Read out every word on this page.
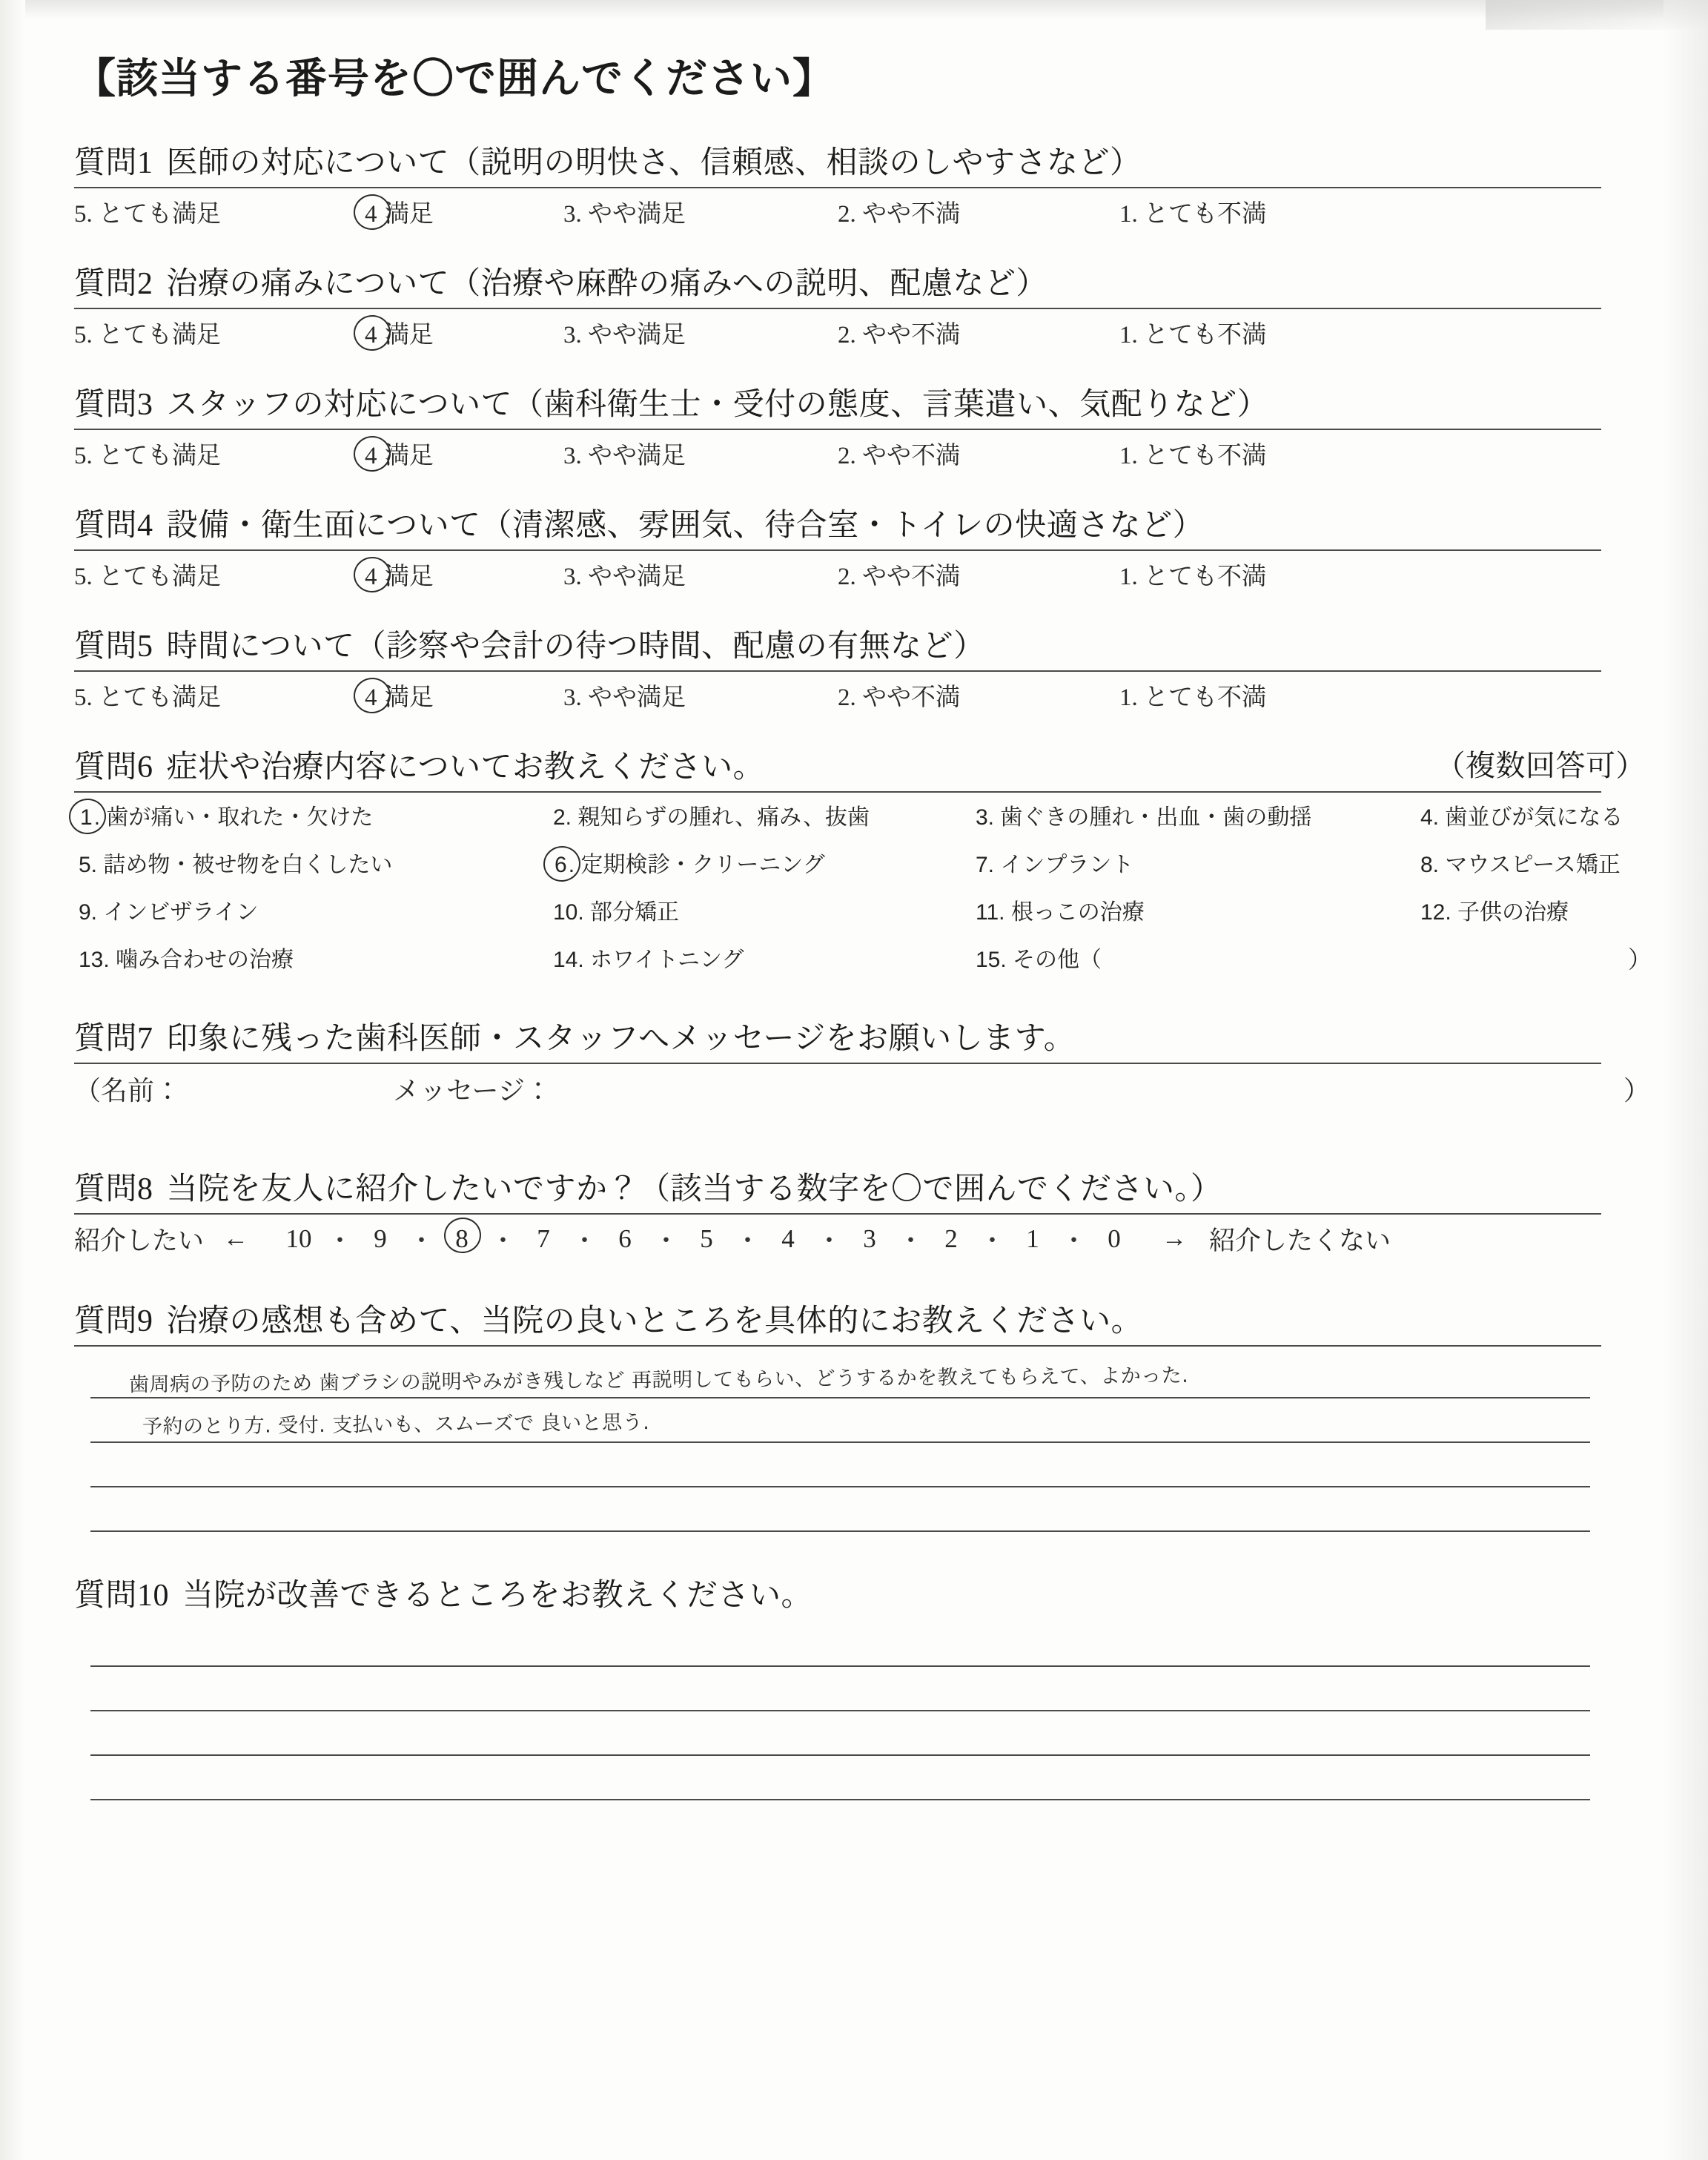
【該当する番号を〇で囲んでください】
質問1 医師の対応について（説明の明快さ、信頼感、相談のしやすさなど）
5. とても満足	4 満足	3. やや満足	2. やや不満	1. とても不満
質問2 治療の痛みについて（治療や麻酔の痛みへの説明、配慮など）
5. とても満足	4 満足	3. やや満足	2. やや不満	1. とても不満
質問3 スタッフの対応について（歯科衛生士・受付の態度、言葉遣い、気配りなど）
5. とても満足	4 満足	3. やや満足	2. やや不満	1. とても不満
質問4 設備・衛生面について（清潔感、雰囲気、待合室・トイレの快適さなど）
5. とても満足	4 満足	3. やや満足	2. やや不満	1. とても不満
質問5 時間について（診察や会計の待つ時間、配慮の有無など）
5. とても満足	4 満足	3. やや満足	2. やや不満	1. とても不満
（複数回答可）
質問6 症状や治療内容についてお教えください。
1. 歯が痛い・取れた・欠けた	2. 親知らずの腫れ、痛み、抜歯	3. 歯ぐきの腫れ・出血・歯の動揺	4. 歯並びが気になる
5. 詰め物・被せ物を白くしたい	6. 定期検診・クリーニング	7. インプラント	8. マウスピース矯正
9. インビザライン	10. 部分矯正	11. 根っこの治療	12. 子供の治療
13. 噛み合わせの治療	14. ホワイトニング	15. その他（	）
質問7 印象に残った歯科医師・スタッフへメッセージをお願いします。
（名前：	メッセージ：	）
質問8 当院を友人に紹介したいですか？（該当する数字を〇で囲んでください。）
紹介したい ←	10 ・ 9 ・ 8 ・ 7 ・ 6 ・ 5 ・ 4 ・ 3 ・ 2 ・ 1 ・ 0	→ 紹介したくない
質問9 治療の感想も含めて、当院の良いところを具体的にお教えください。
歯周病の予防のため 歯ブラシの説明やみがき残しなど 再説明してもらい、どうするかを教えてもらえて、よかった.
予約のとり方. 受付. 支払いも、スムーズで 良いと思う.
質問10 当院が改善できるところをお教えください。
